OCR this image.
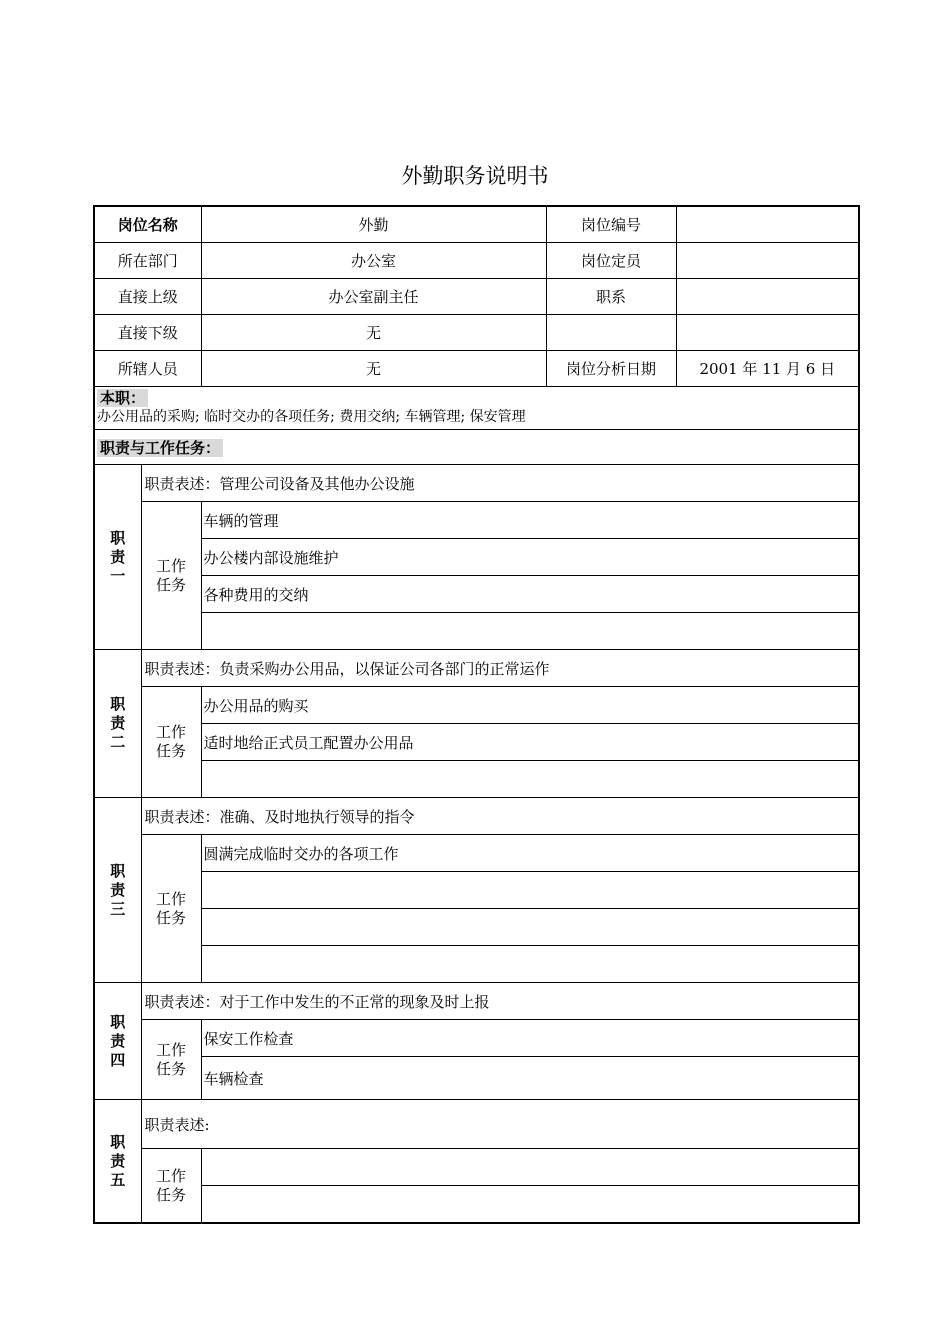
外勤职务说明书
岗位名称		外勤	岗位编号	
所在部门		办公室	岗位定员	
直接上级		办公室副主任	职系	
直接下级		无		
所辖人员		无	岗位分析日期	2001 年 11 月 6 日

本职：
办公用品的采购; 临时交办的各项任务; 费用交纳; 车辆管理; 保安管理				

职责与工作任务：				

职责一	职责表述：管理公司设备及其他办公设施			

	工作任务	车辆的管理		
		办公楼内部设施维护		
		各种费用的交纳		

职责二	职责表述：负责采购办公用品，以保证公司各部门的正常运作			

	工作任务	办公用品的购买		
		适时地给正式员工配置办公用品		

职责三	职责表述：准确、及时地执行领导的指令			

	工作任务	圆满完成临时交办的各项工作		

职责四	职责表述：对于工作中发生的不正常的现象及时上报			

	工作任务	保安工作检查		
		车辆检查		

职责五	职责表述:			

	工作任务			
